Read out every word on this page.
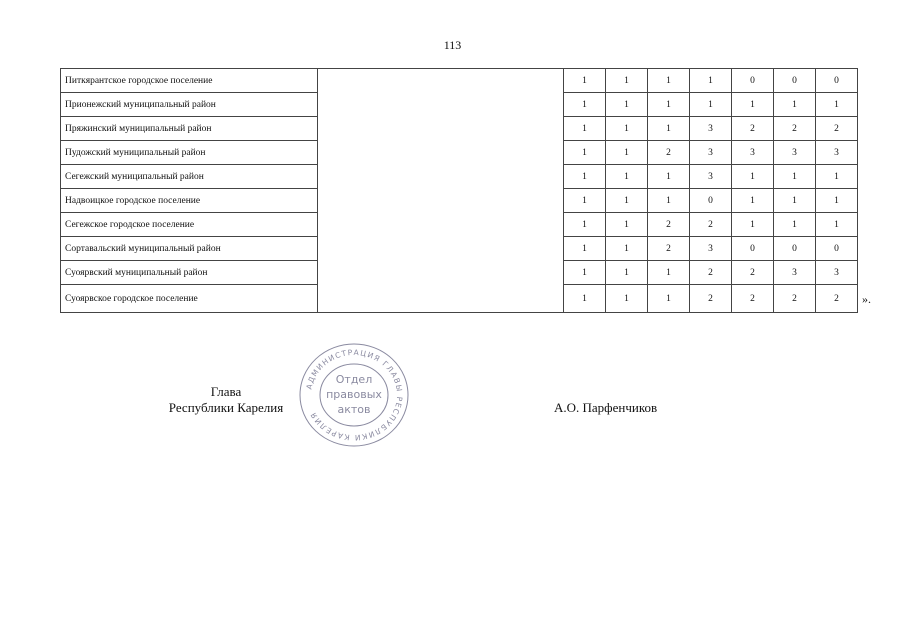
113
Питкярантское городское поселение		1	1	1	1	0	0	0
Прионежский муниципальный район		1	1	1	1	1	1	1
Пряжинский муниципальный район		1	1	1	3	2	2	2
Пудожский муниципальный район		1	1	2	3	3	3	3
Сегежский муниципальный район		1	1	1	3	1	1	1
Надвоицкое городское поселение		1	1	1	0	1	1	1
Сегежское городское поселение		1	1	2	2	1	1	1
Сортавальский муниципальный район		1	1	2	3	0	0	0
Суоярвский муниципальный район		1	1	1	2	2	3	3
Суоярвское городское поселение		1	1	1	2	2	2	2 ».
Глава
Республики Карелия
АДМИНИСТРАЦИЯ ГЛАВЫ РЕСПУБЛИКИ КАРЕЛИЯ
Отдел
правовых
актов	А.О. Парфенчиков
